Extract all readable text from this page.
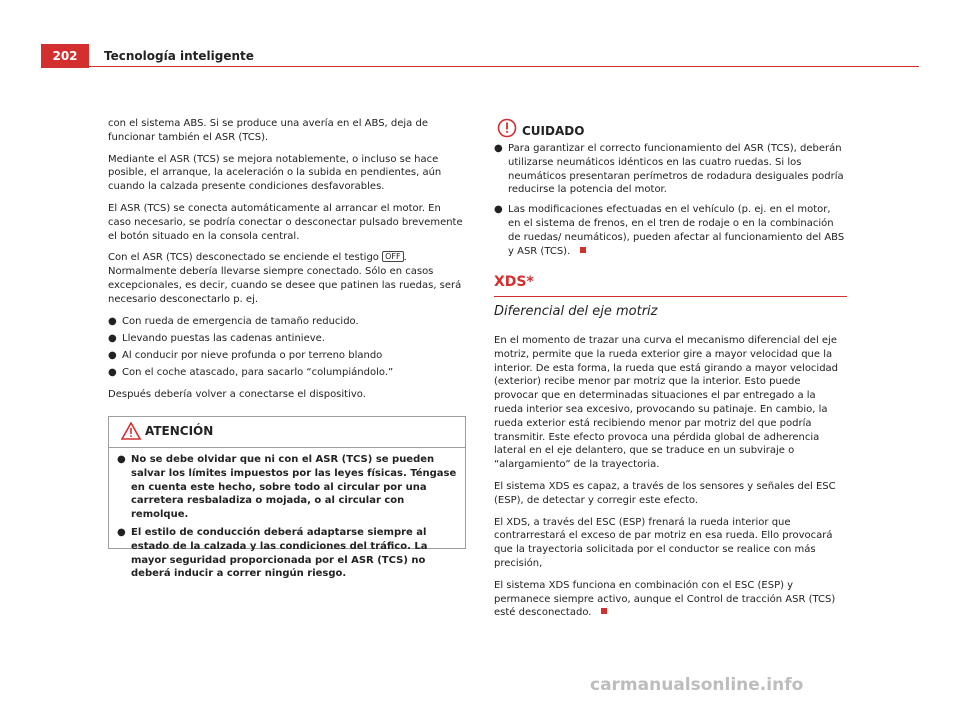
202	Tecnología inteligente

con el sistema ABS. Si se produce una avería en el ABS, deja de funcionar también el ASR (TCS).

Mediante el ASR (TCS) se mejora notablemente, o incluso se hace posible, el arranque, la aceleración o la subida en pendientes, aún cuando la calzada presente condiciones desfavorables.

El ASR (TCS) se conecta automáticamente al arrancar el motor. En caso necesario, se podría conectar o desconectar pulsado brevemente el botón situado en la consola central.

Con el ASR (TCS) desconectado se enciende el testigo OFF . Normalmente debería llevarse siempre conectado. Sólo en casos excepcionales, es decir, cuando se desee que patinen las ruedas, será necesario desconectarlo p. ej.

● Con rueda de emergencia de tamaño reducido.
● Llevando puestas las cadenas antinieve.
● Al conducir por nieve profunda o por terreno blando
● Con el coche atascado, para sacarlo “columpiándolo.”

Después debería volver a conectarse el dispositivo.

ATENCIÓN
● No se debe olvidar que ni con el ASR (TCS) se pueden salvar los límites impuestos por las leyes físicas. Téngase en cuenta este hecho, sobre todo al circular por una carretera resbaladiza o mojada, o al circular con remolque.
● El estilo de conducción deberá adaptarse siempre al estado de la calzada y las condiciones del tráfico. La mayor seguridad proporcionada por el ASR (TCS) no deberá inducir a correr ningún riesgo.
CUIDADO
● Para garantizar el correcto funcionamiento del ASR (TCS), deberán utilizarse neumáticos idénticos en las cuatro ruedas. Si los neumáticos presentaran perímetros de rodadura desiguales podría reducirse la potencia del motor.
● Las modificaciones efectuadas en el vehículo (p. ej. en el motor, en el sistema de frenos, en el tren de rodaje o en la combinación de ruedas/ neumáticos), pueden afectar al funcionamiento del ABS y ASR (TCS).
XDS*
Diferencial del eje motriz

En el momento de trazar una curva el mecanismo diferencial del eje motriz, permite que la rueda exterior gire a mayor velocidad que la interior. De esta forma, la rueda que está girando a mayor velocidad (exterior) recibe menor par motriz que la interior. Esto puede provocar que en determinadas situaciones el par entregado a la rueda interior sea excesivo, provocando su patinaje. En cambio, la rueda exterior está recibiendo menor par motriz del que podría transmitir. Este efecto provoca una pérdida global de adherencia lateral en el eje delantero, que se traduce en un subviraje o “alargamiento” de la trayectoria.

El sistema XDS es capaz, a través de los sensores y señales del ESC (ESP), de detectar y corregir este efecto.

El XDS, a través del ESC (ESP) frenará la rueda interior que contrarrestará el exceso de par motriz en esa rueda. Ello provocará que la trayectoria solicitada por el conductor se realice con más precisión,

El sistema XDS funciona en combinación con el ESC (ESP) y permanece siempre activo, aunque el Control de tracción ASR (TCS) esté desconectado.

carmanualsonline.info
